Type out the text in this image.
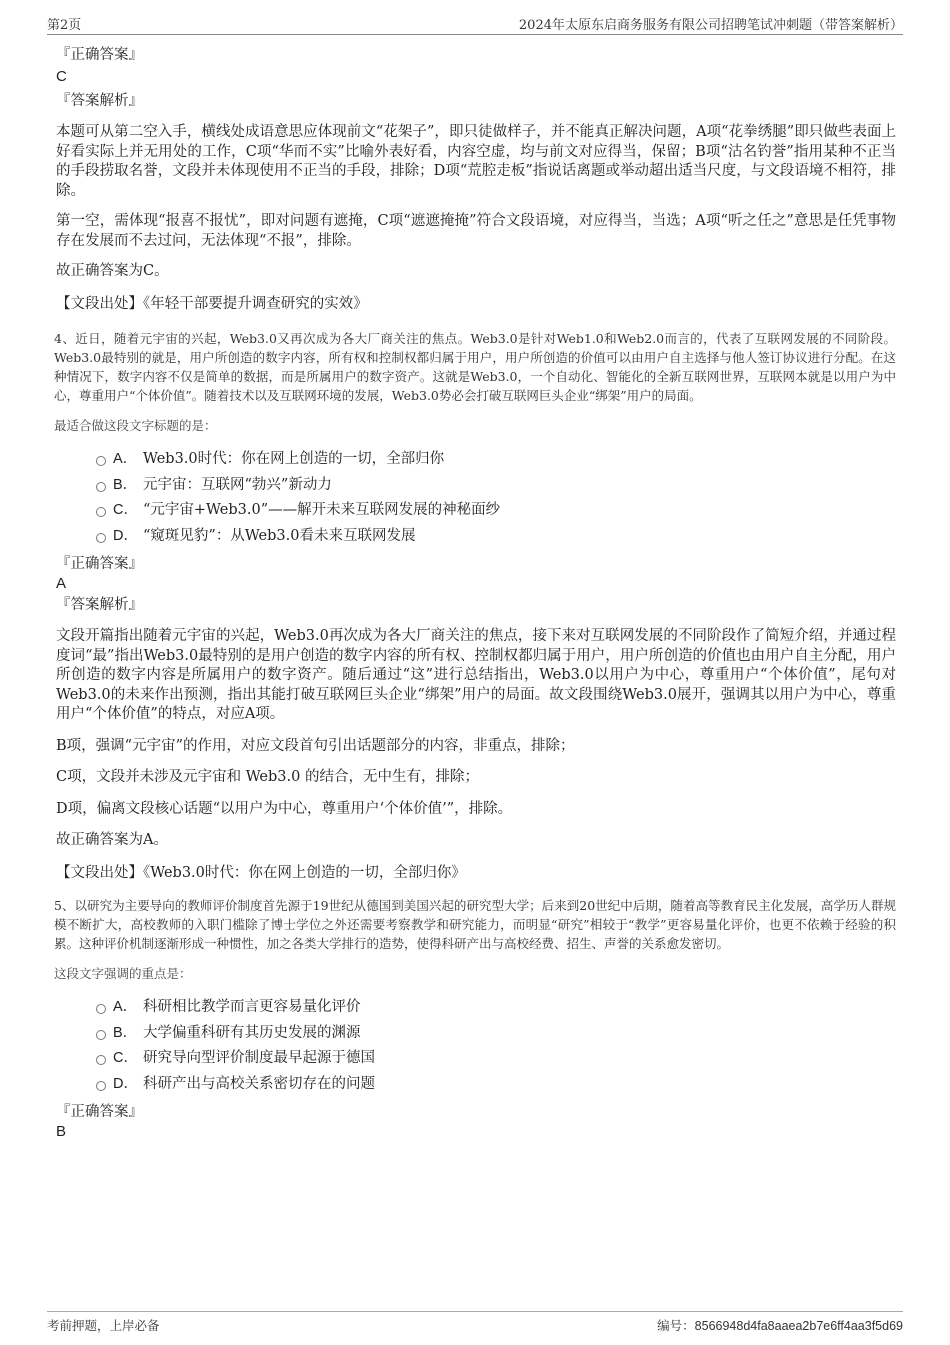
第2页	2024年太原东启商务服务有限公司招聘笔试冲刺题（带答案解析）
『正确答案』
C
『答案解析』

本题可从第二空入手，横线处成语意思应体现前文“花架子”，即只徒做样子，并不能真正解决问题，A项“花拳绣腿”即只做些表面上好看实际上并无用处的工作，C项“华而不实”比喻外表好看，内容空虚，均与前文对应得当，保留；B项“沽名钓誉”指用某种不正当的手段捞取名誉，文段并未体现使用不正当的手段，排除；D项“荒腔走板”指说话离题或举动超出适当尺度，与文段语境不相符，排除。

第一空，需体现“报喜不报忧”，即对问题有遮掩，C项“遮遮掩掩”符合文段语境，对应得当，当选；A项“听之任之”意思是任凭事物存在发展而不去过问，无法体现“不报”，排除。

故正确答案为C。

【文段出处】《年轻干部要提升调查研究的实效》

4、近日，随着元宇宙的兴起，Web3.0又再次成为各大厂商关注的焦点。Web3.0是针对Web1.0和Web2.0而言的，代表了互联网发展的不同阶段。Web3.0最特别的就是，用户所创造的数字内容，所有权和控制权都归属于用户，用户所创造的价值可以由用户自主选择与他人签订协议进行分配。在这种情况下，数字内容不仅是简单的数据，而是所属用户的数字资产。这就是Web3.0，一个自动化、智能化的全新互联网世界，互联网本就是以用户为中心，尊重用户“个体价值”。随着技术以及互联网环境的发展，Web3.0势必会打破互联网巨头企业“绑架”用户的局面。

最适合做这段文字标题的是：

A． Web3.0时代：你在网上创造的一切，全部归你
B． 元宇宙：互联网“勃兴”新动力
C． “元宇宙+Web3.0”——解开未来互联网发展的神秘面纱
D． “窥斑见豹”：从Web3.0看未来互联网发展
『正确答案』
A
『答案解析』

文段开篇指出随着元宇宙的兴起，Web3.0再次成为各大厂商关注的焦点，接下来对互联网发展的不同阶段作了简短介绍，并通过程度词“最”指出Web3.0最特别的是用户创造的数字内容的所有权、控制权都归属于用户，用户所创造的价值也由用户自主分配，用户所创造的数字内容是所属用户的数字资产。随后通过“这”进行总结指出，Web3.0以用户为中心，尊重用户“个体价值”，尾句对Web3.0的未来作出预测，指出其能打破互联网巨头企业“绑架”用户的局面。故文段围绕Web3.0展开，强调其以用户为中心，尊重用户“个体价值”的特点，对应A项。

B项，强调“元宇宙”的作用，对应文段首句引出话题部分的内容，非重点，排除；

C项，文段并未涉及元宇宙和 Web3.0 的结合，无中生有，排除；

D项，偏离文段核心话题“以用户为中心，尊重用户‘个体价值’”，排除。

故正确答案为A。

【文段出处】《Web3.0时代：你在网上创造的一切，全部归你》

5、以研究为主要导向的教师评价制度首先源于19世纪从德国到美国兴起的研究型大学；后来到20世纪中后期，随着高等教育民主化发展，高学历人群规模不断扩大，高校教师的入职门槛除了博士学位之外还需要考察教学和研究能力，而明显“研究”相较于“教学”更容易量化评价，也更不依赖于经验的积累。这种评价机制逐渐形成一种惯性，加之各类大学排行的造势，使得科研产出与高校经费、招生、声誉的关系愈发密切。

这段文字强调的重点是：

A． 科研相比教学而言更容易量化评价
B． 大学偏重科研有其历史发展的渊源
C． 研究导向型评价制度最早起源于德国
D． 科研产出与高校关系密切存在的问题
『正确答案』
B
考前押题，上岸必备	编号：8566948d4fa8aaea2b7e6ff4aa3f5d69
